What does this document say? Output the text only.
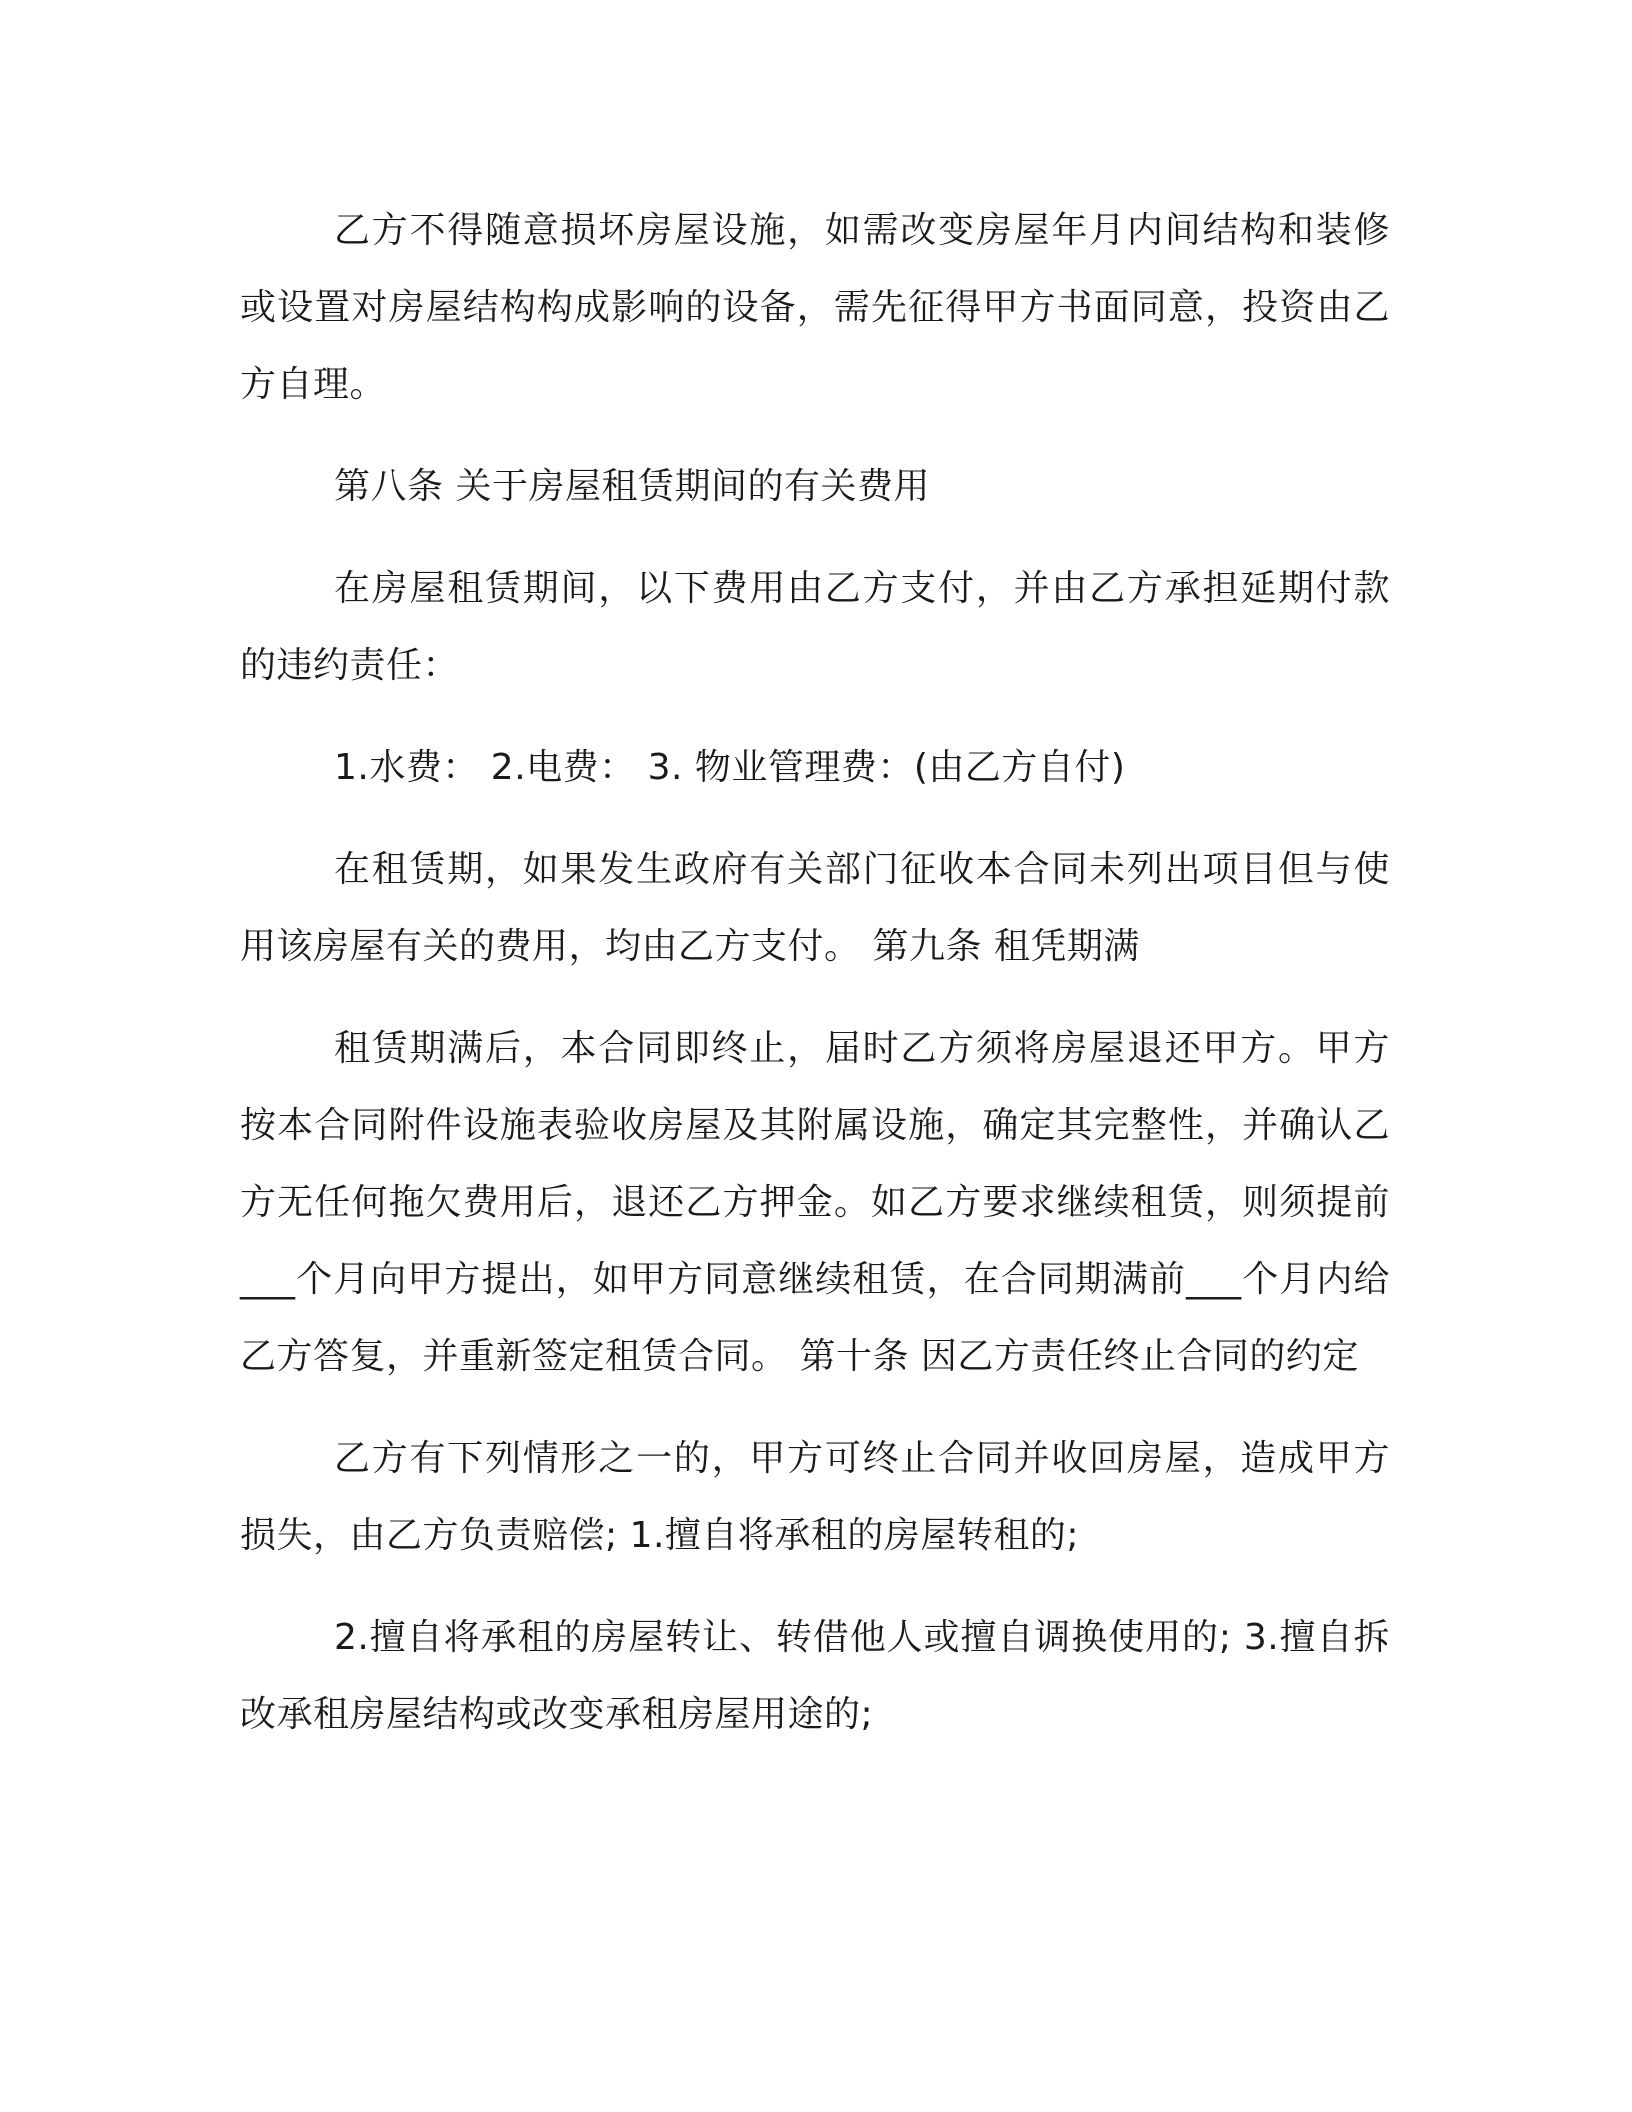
乙方不得随意损坏房屋设施，如需改变房屋年月内间结构和装修或设置对房屋结构构成影响的设备，需先征得甲方书面同意，投资由乙方自理。

第八条 关于房屋租赁期间的有关费用

在房屋租赁期间，以下费用由乙方支付，并由乙方承担延期付款的违约责任：

1.水费： 2.电费： 3. 物业管理费：(由乙方自付)

在租赁期，如果发生政府有关部门征收本合同未列出项目但与使用该房屋有关的费用，均由乙方支付。 第九条 租凭期满

租赁期满后，本合同即终止，届时乙方须将房屋退还甲方。甲方按本合同附件设施表验收房屋及其附属设施，确定其完整性，并确认乙方无任何拖欠费用后，退还乙方押金。如乙方要求继续租赁，则须提前___个月向甲方提出，如甲方同意继续租赁，在合同期满前___个月内给乙方答复，并重新签定租赁合同。 第十条 因乙方责任终止合同的约定

乙方有下列情形之一的，甲方可终止合同并收回房屋，造成甲方损失，由乙方负责赔偿; 1.擅自将承租的房屋转租的;

2.擅自将承租的房屋转让、转借他人或擅自调换使用的; 3.擅自拆改承租房屋结构或改变承租房屋用途的;
